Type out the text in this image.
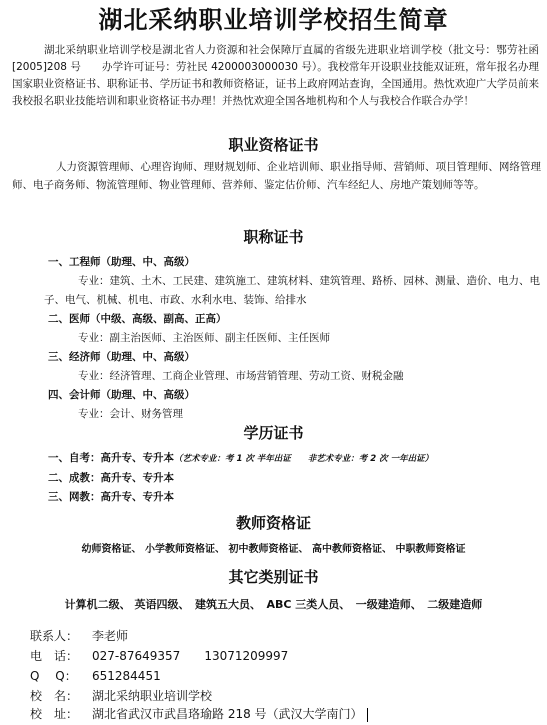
湖北采纳职业培训学校招生简章

湖北采纳职业培训学校是湖北省人力资源和社会保障厅直属的省级先进职业培训学校（批文号：鄂劳社函[2005]208 号　　办学许可证号：劳社民 4200003000030 号）。我校常年开设职业技能双证班，常年报名办理国家职业资格证书、职称证书、学历证书和教师资格证，证书上政府网站查询，全国通用。热忱欢迎广大学员前来我校报名职业技能培训和职业资格证书办理！并热忱欢迎全国各地机构和个人与我校合作联合办学！

职业资格证书

人力资源管理师、心理咨询师、理财规划师、企业培训师、职业指导师、营销师、项目管理师、网络管理师、电子商务师、物流管理师、物业管理师、营养师、鉴定估价师、汽车经纪人、房地产策划师等等。

职称证书
一、工程师（助理、中、高级）
专业：建筑、土木、工民建、建筑施工、建筑材料、建筑管理、路桥、园林、测量、造价、电力、电子、电气、机械、机电、市政、水利水电、装饰、给排水
二、医师（中级、高级、副高、正高）
专业：副主治医师、主治医师、副主任医师、主任医师
三、经济师（助理、中、高级）
专业：经济管理、工商企业管理、市场营销管理、劳动工资、财税金融
四、会计师（助理、中、高级）
专业：会计、财务管理
学历证书
一、自考：高升专、专升本（艺术专业：考 1 次 半年出证　　非艺术专业：考 2 次 一年出证）
二、成教：高升专、专升本
三、网教：高升专、专升本
教师资格证
幼师资格证、 小学教师资格证、 初中教师资格证、 高中教师资格证、 中职教师资格证
其它类别证书
计算机二级、 英语四级、　建筑五大员、　ABC 三类人员、　一级建造师、　二级建造师
联系人： 李老师
电　话： 027-87649357　　13071209997
Q　 Q： 651284451
校　名： 湖北采纳职业培训学校
校　址： 湖北省武汉市武昌珞瑜路 218 号（武汉大学南门）
